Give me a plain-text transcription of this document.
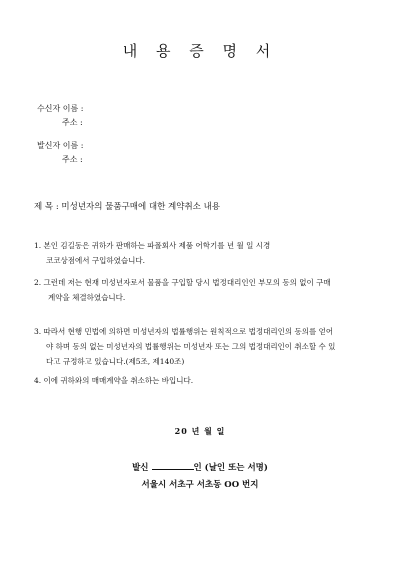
내 용 증 명 서
수신자 이름 :
주소 :
발신자 이름 :
주소 :
제 목 : 미성년자의 물품구매에 대한 계약취소 내용
1. 본인 김길동은 귀하가 판매하는 파폴회사 제품 어학기를 년 월 일 시경
코코상점에서 구입하였습니다.
2. 그런데 저는 현재 미성년자로서 물품을 구입할 당시 법정대리인인 부모의 동의 없이 구매
계약을 체결하였습니다.
3. 따라서 현행 민법에 의하면 미성년자의 법률행위는 원칙적으로 법정대리인의 동의를 얻어
야 하며 동의 없는 미성년자의 법률행위는 미성년자 또는 그의 법정대리인이 취소할 수 있
다고 규정하고 있습니다.(제5조, 제140조)
4. 이에 귀하와의 매매계약을 취소하는 바입니다.
20 년 월 일
발신	인 (날인 또는 서명)
서울시 서초구 서초동 OO 번지
